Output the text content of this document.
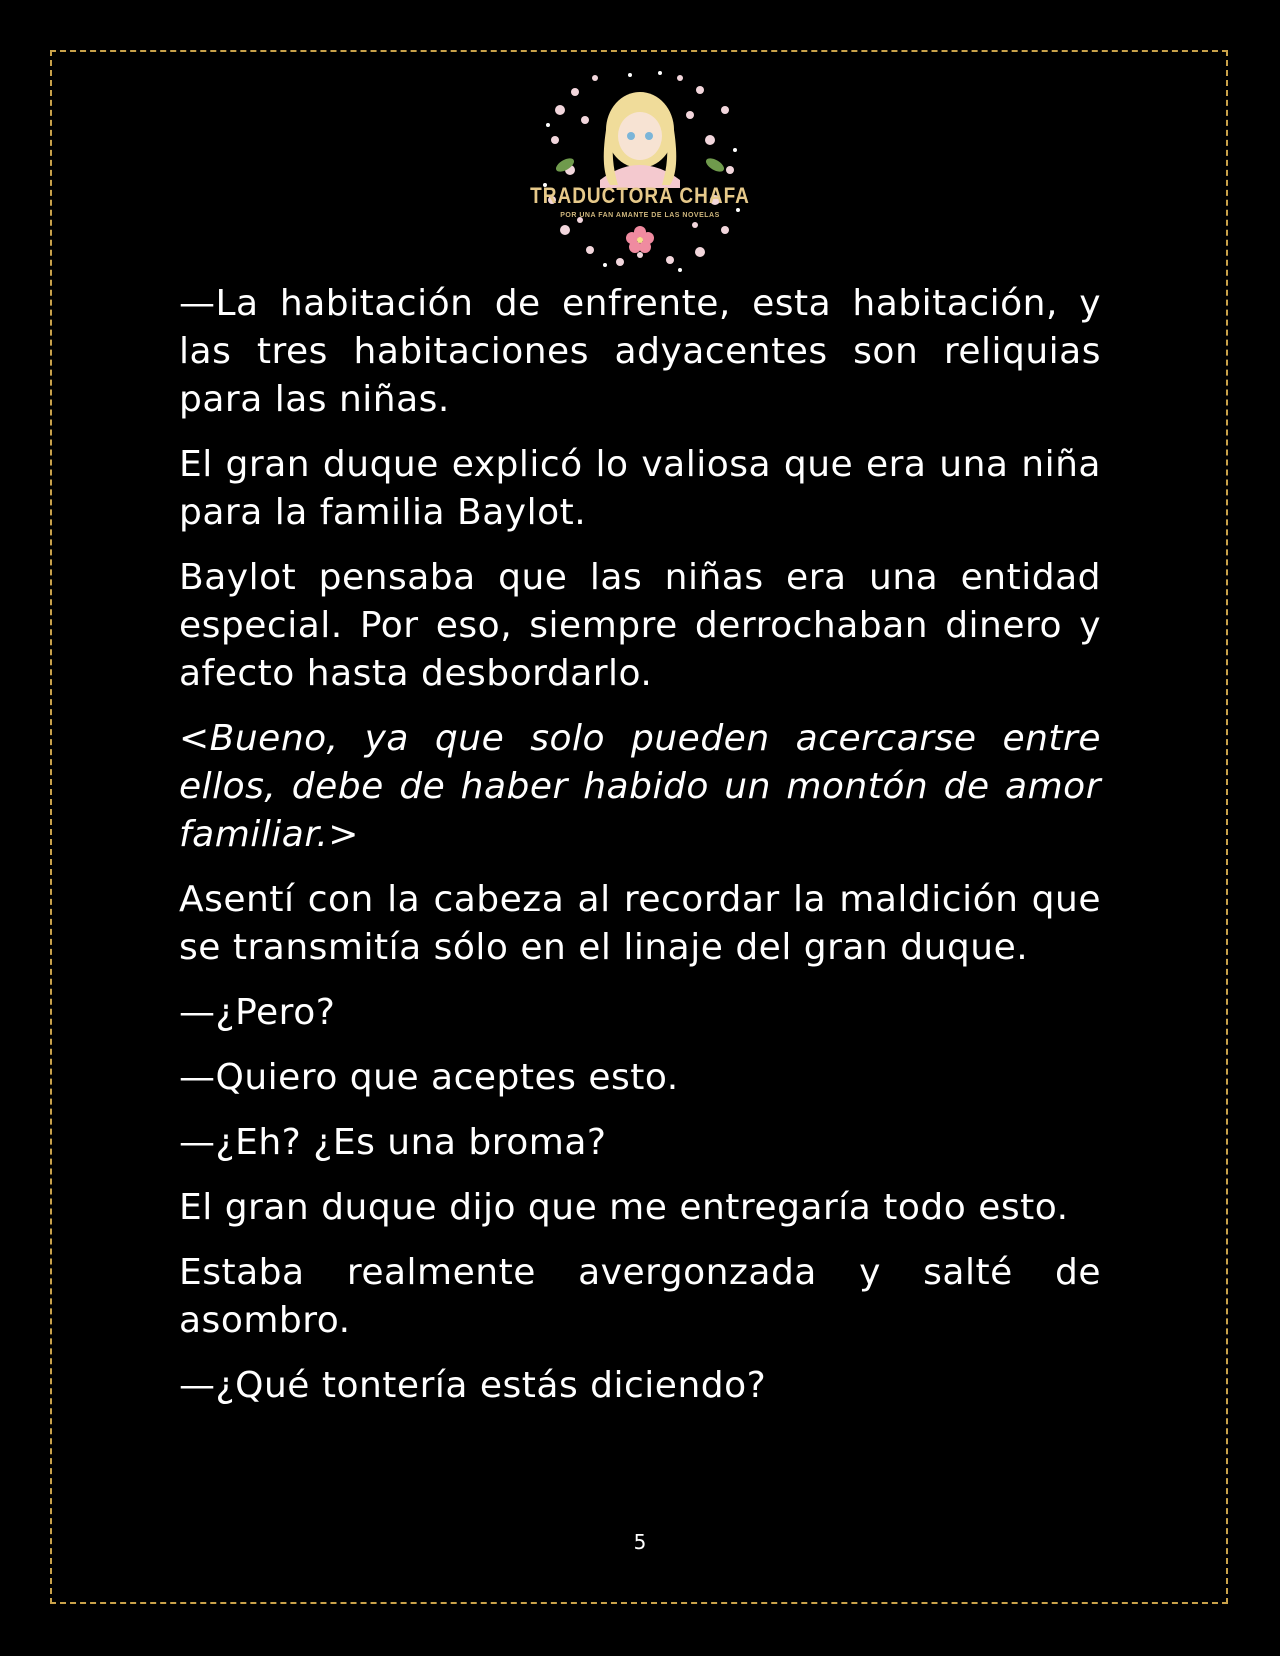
TRADUCTORA CHAFA
POR UNA FAN AMANTE DE LAS NOVELAS

—La habitación de enfrente, esta habitación, y las tres habitaciones adyacentes son reliquias para las niñas.

El gran duque explicó lo valiosa que era una niña para la familia Baylot.

Baylot pensaba que las niñas era una entidad especial. Por eso, siempre derrochaban dinero y afecto hasta desbordarlo.

<Bueno, ya que solo pueden acercarse entre ellos, debe de haber habido un montón de amor familiar.>

Asentí con la cabeza al recordar la maldición que se transmitía sólo en el linaje del gran duque.

—¿Pero?

—Quiero que aceptes esto.

—¿Eh? ¿Es una broma?

El gran duque dijo que me entregaría todo esto.

Estaba realmente avergonzada y salté de asombro.

—¿Qué tontería estás diciendo?

5
